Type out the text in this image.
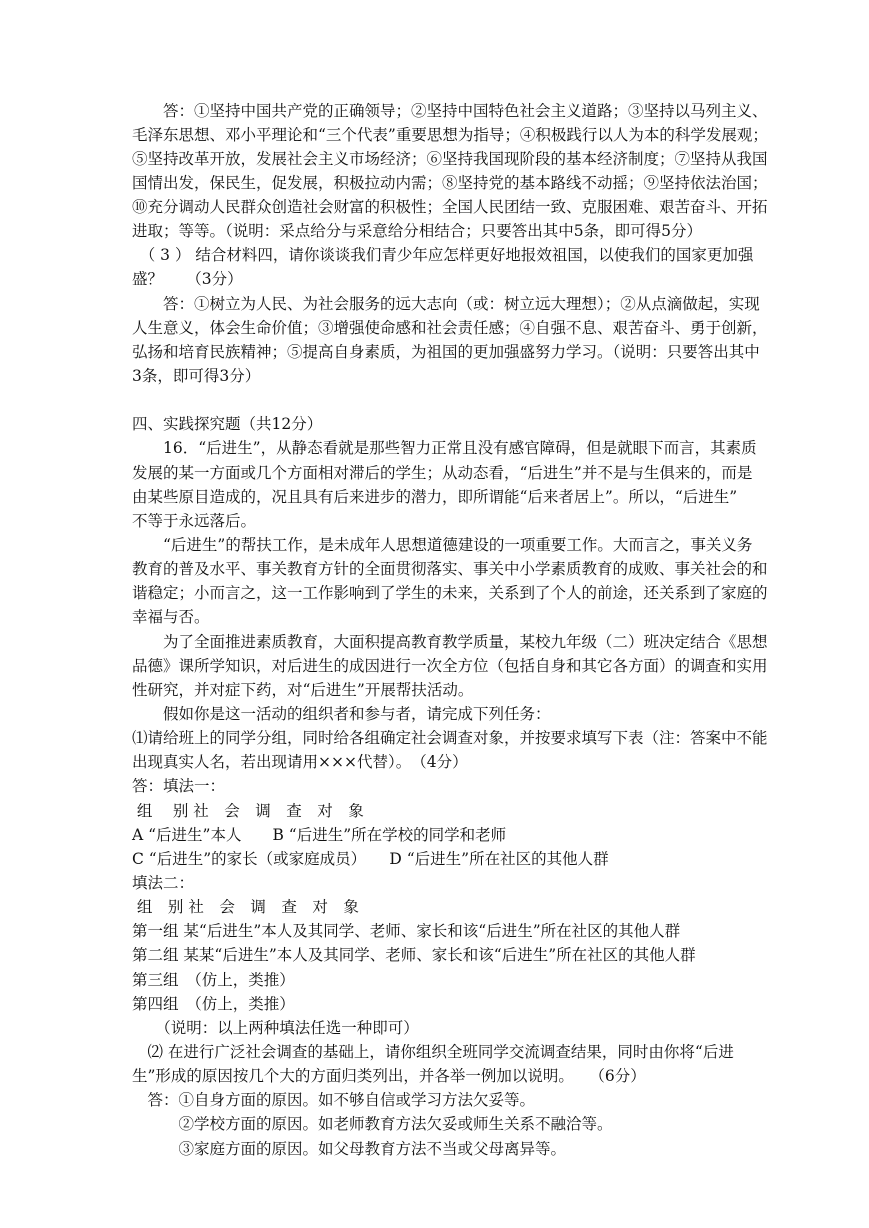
　　答：①坚持中国共产党的正确领导；②坚持中国特色社会主义道路；③坚持以马列主义、
毛泽东思想、邓小平理论和“三个代表”重要思想为指导；④积极践行以人为本的科学发展观；
⑤坚持改革开放，发展社会主义市场经济；⑥坚持我国现阶段的基本经济制度；⑦坚持从我国
国情出发，保民生，促发展，积极拉动内需；⑧坚持党的基本路线不动摇；⑨坚持依法治国；
⑩充分调动人民群众创造社会财富的积极性；全国人民团结一致、克服困难、艰苦奋斗、开拓
进取；等等。（说明：采点给分与采意给分相结合；只要答出其中5条，即可得5分）
　（ 3 ） 结合材料四，请你谈谈我们青少年应怎样更好地报效祖国，以使我们的国家更加强
盛？　　（3分）
　　答：①树立为人民、为社会服务的远大志向（或：树立远大理想）；②从点滴做起，实现
人生意义，体会生命价值；③增强使命感和社会责任感；④自强不息、艰苦奋斗、勇于创新，
弘扬和培育民族精神；⑤提高自身素质，为祖国的更加强盛努力学习。（说明：只要答出其中
3条，即可得3分）
四、实践探究题（共12分）
　　16．“后进生”，从静态看就是那些智力正常且没有感官障碍，但是就眼下而言，其素质
发展的某一方面或几个方面相对滞后的学生；从动态看，“后进生”并不是与生俱来的，而是
由某些原目造成的，况且具有后来进步的潜力，即所谓能“后来者居上”。所以，“后进生”
不等于永远落后。
　　“后进生”的帮扶工作，是未成年人思想道德建设的一项重要工作。大而言之，事关义务
教育的普及水平、事关教育方针的全面贯彻落实、事关中小学素质教育的成败、事关社会的和
谐稳定；小而言之，这一工作影响到了学生的未来，关系到了个人的前途，还关系到了家庭的
幸福与否。
　　为了全面推进素质教育，大面积提高教育教学质量，某校九年级（二）班决定结合《思想
品德》课所学知识，对后进生的成因进行一次全方位（包括自身和其它各方面）的调查和实用
性研究，并对症下药，对“后进生”开展帮扶活动。
　　假如你是这一活动的组织者和参与者，请完成下列任务：
⑴请给班上的同学分组，同时给各组确定社会调查对象，并按要求填写下表（注：答案中不能
出现真实人名，若出现请用×××代替）。　（4分）
答：填法一：
组　 别 社　会　调　查　对　象
A “后进生”本人　　B “后进生”所在学校的同学和老师
C “后进生”的家长（或家庭成员）　　D “后进生”所在社区的其他人群
填法二：
组　别 社　会　调　查　对　象
第一组 某“后进生”本人及其同学、老师、家长和该“后进生”所在社区的其他人群
第二组 某某“后进生”本人及其同学、老师、家长和该“后进生”所在社区的其他人群
第三组　（仿上，类推）
第四组　（仿上，类推）
　　（说明：以上两种填法任选一种即可）
　⑵ 在进行广泛社会调查的基础上，请你组织全班同学交流调查结果，同时由你将“后进
生”形成的原因按几个大的方面归类列出，并各举一例加以说明。　　（6分）
　答：①自身方面的原因。如不够自信或学习方法欠妥等。
　　　②学校方面的原因。如老师教育方法欠妥或师生关系不融洽等。
　　　③家庭方面的原因。如父母教育方法不当或父母离异等。
